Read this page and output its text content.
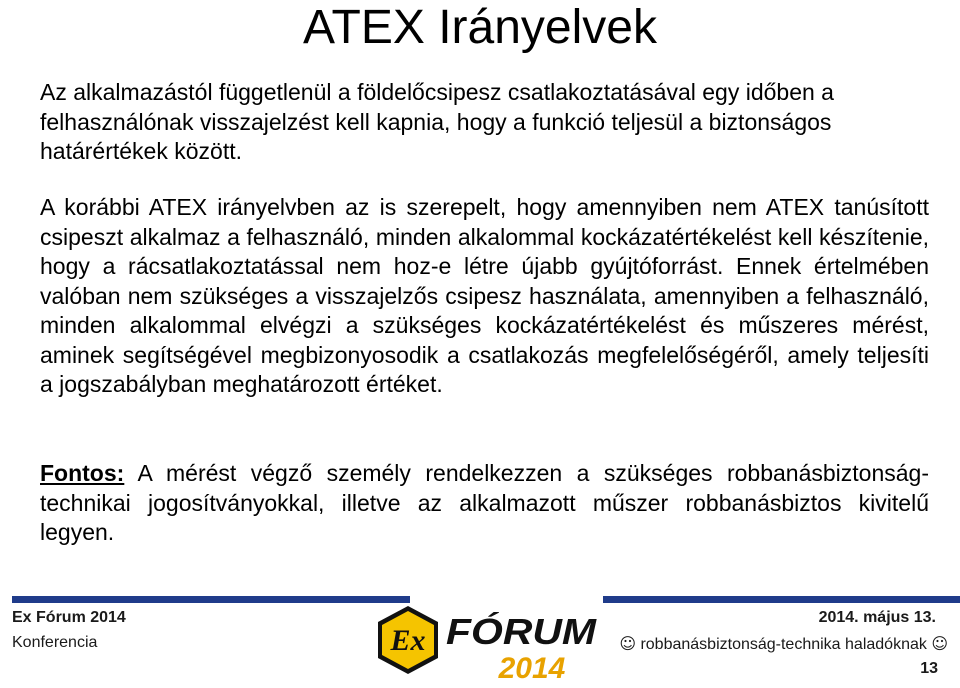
ATEX Irányelvek

Az alkalmazástól függetlenül a földelőcsipesz csatlakoztatásával egy időben a felhasználónak visszajelzést kell kapnia, hogy a funkció teljesül a biztonságos határértékek között.

A korábbi ATEX irányelvben az is szerepelt, hogy amennyiben nem ATEX tanúsított csipeszt alkalmaz a felhasználó, minden alkalommal kockázatértékelést kell készítenie, hogy a rácsatlakoztatással nem hoz-e létre újabb gyújtóforrást. Ennek értelmében valóban nem szükséges a visszajelzős csipesz használata, amennyiben a felhasználó, minden alkalommal elvégzi a szükséges kockázatértékelést és műszeres mérést, aminek segítségével megbizonyosodik a csatlakozás megfelelőségéről, amely teljesíti a jogszabályban meghatározott értéket.

Fontos: A mérést végző személy rendelkezzen a szükséges robbanásbiztonság-technikai jogosítványokkal, illetve az alkalmazott műszer robbanásbiztos kivitelű legyen.

Ex Fórum 2014
Konferencia
2014. május 13.
☺ robbanásbiztonság-technika haladóknak ☺
13
Ex FÓRUM
2014
